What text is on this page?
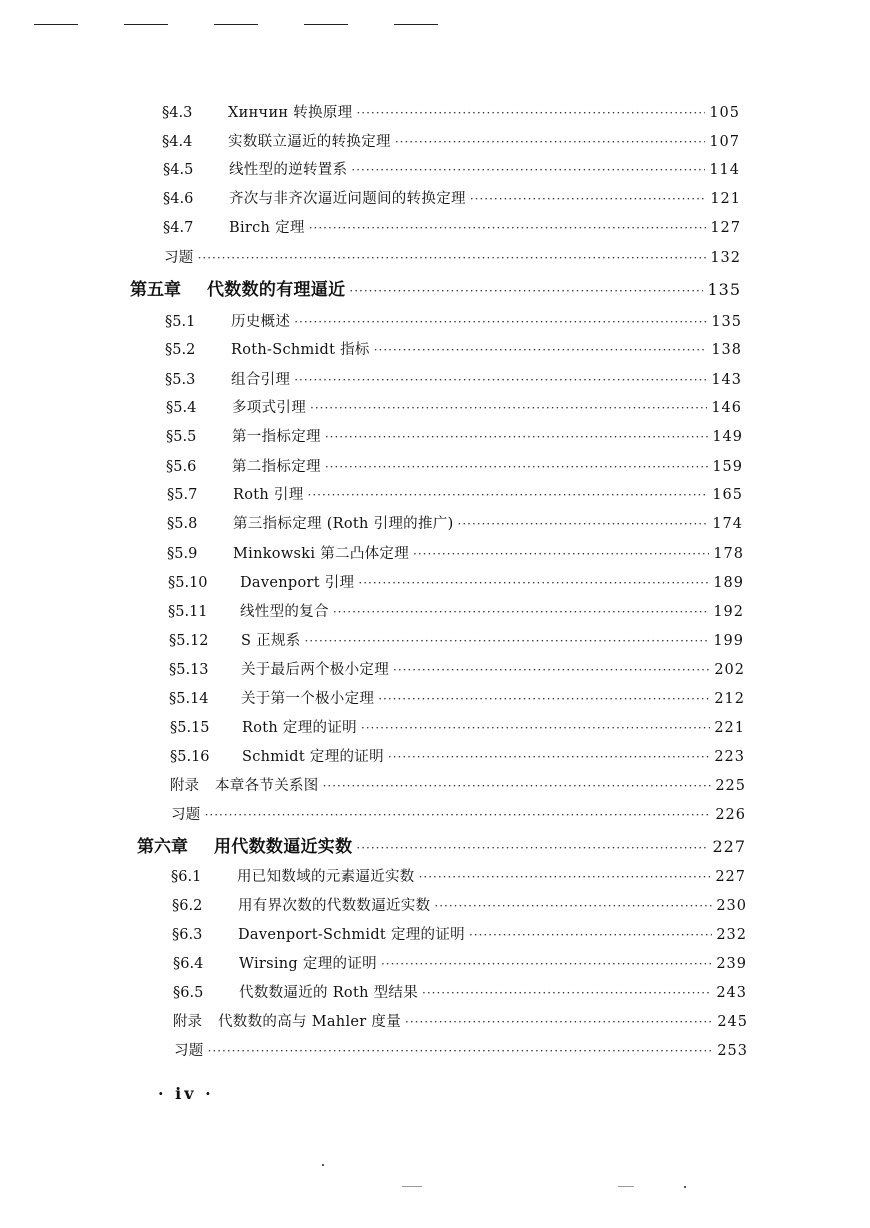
§4.3	Хинчин 转换原理 ·····	105
§4.4	实数联立逼近的转换定理 ·····	107
§4.5	线性型的逆转置系 ·····	114
§4.6	齐次与非齐次逼近问题间的转换定理 ·····	121
§4.7	Birch 定理 ·····	127
习题 ·····	132
第五章 代数数的有理逼近 ·····	135
§5.1	历史概述 ·····	135
§5.2	Roth-Schmidt 指标 ·····	138
§5.3	组合引理 ·····	143
§5.4	多项式引理 ·····	146
§5.5	第一指标定理 ·····	149
§5.6	第二指标定理 ·····	159
§5.7	Roth 引理 ·····	165
§5.8	第三指标定理 (Roth 引理的推广) ·····	174
§5.9	Minkowski 第二凸体定理 ·····	178
§5.10	Davenport 引理 ·····	189
§5.11	线性型的复合 ·····	192
§5.12	S 正规系 ·····	199
§5.13	关于最后两个极小定理 ·····	202
§5.14	关于第一个极小定理 ·····	212
§5.15	Roth 定理的证明 ·····	221
§5.16	Schmidt 定理的证明 ·····	223
附录 本章各节关系图 ·····	225
习题 ·····	226
第六章 用代数数逼近实数 ·····	227
§6.1	用已知数域的元素逼近实数 ·····	227
§6.2	用有界次数的代数数逼近实数 ·····	230
§6.3	Davenport-Schmidt 定理的证明 ·····	232
§6.4	Wirsing 定理的证明 ·····	239
§6.5	代数数逼近的 Roth 型结果 ·····	243
附录 代数数的高与 Mahler 度量 ·····	245
习题 ·····	253
· iv ·
